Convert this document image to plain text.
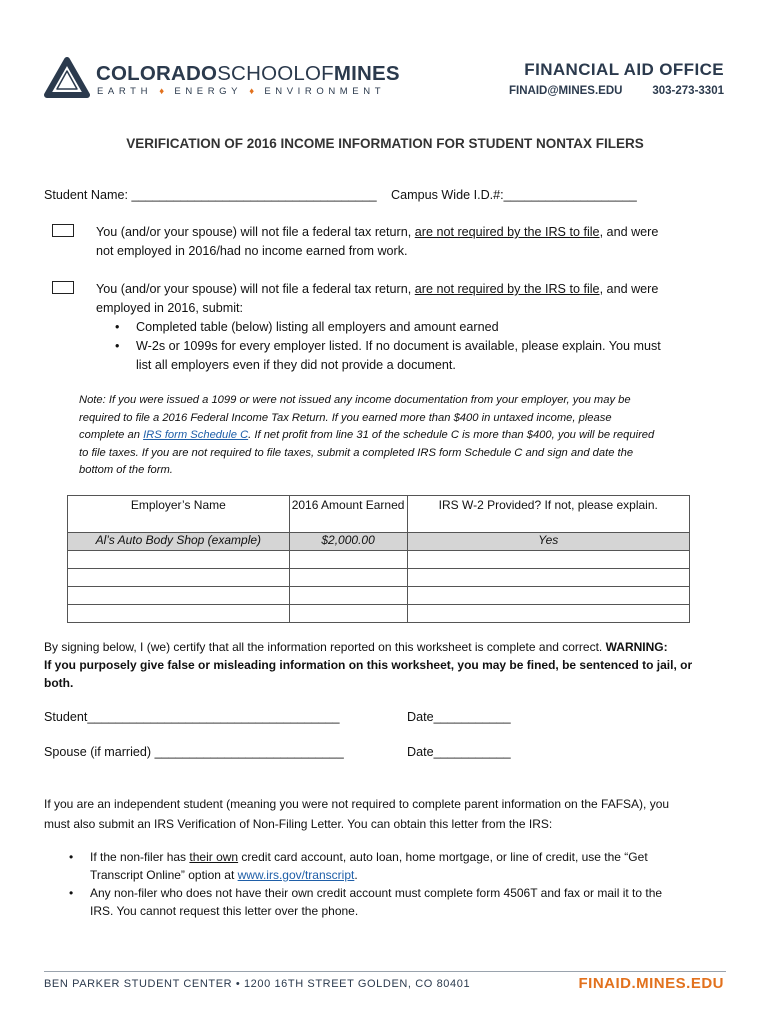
COLORADOSCHOOLOFMINES
EARTH ♦ ENERGY ♦ ENVIRONMENT
FINANCIAL AID OFFICE
FINAID@MINES.EDU	303-273-3301
VERIFICATION OF 2016 INCOME INFORMATION FOR STUDENT NONTAX FILERS
Student Name: ___________________________________ Campus Wide I.D.#:___________________
You (and/or your spouse) will not file a federal tax return, are not required by the IRS to file, and were
not employed in 2016/had no income earned from work.
You (and/or your spouse) will not file a federal tax return, are not required by the IRS to file, and were
employed in 2016, submit:
• Completed table (below) listing all employers and amount earned
• W-2s or 1099s for every employer listed. If no document is available, please explain. You must
list all employers even if they did not provide a document.
Note: If you were issued a 1099 or were not issued any income documentation from your employer, you may be
required to file a 2016 Federal Income Tax Return. If you earned more than $400 in untaxed income, please
complete an IRS form Schedule C. If net profit from line 31 of the schedule C is more than $400, you will be required
to file taxes. If you are not required to file taxes, submit a completed IRS form Schedule C and sign and date the
bottom of the form.
Employer’s Name	2016 Amount Earned	IRS W-2 Provided? If not, please explain.
Al’s Auto Body Shop (example)	$2,000.00	Yes

By signing below, I (we) certify that all the information reported on this worksheet is complete and correct. WARNING:
If you purposely give false or misleading information on this worksheet, you may be fined, be sentenced to jail, or
both.
Student____________________________________	Date___________
Spouse (if married) ___________________________	Date___________
If you are an independent student (meaning you were not required to complete parent information on the FAFSA), you
must also submit an IRS Verification of Non-Filing Letter. You can obtain this letter from the IRS:
• If the non-filer has their own credit card account, auto loan, home mortgage, or line of credit, use the “Get
Transcript Online” option at www.irs.gov/transcript.
• Any non-filer who does not have their own credit account must complete form 4506T and fax or mail it to the
IRS. You cannot request this letter over the phone.
BEN PARKER STUDENT CENTER • 1200 16TH STREET GOLDEN, CO 80401	FINAID.MINES.EDU
